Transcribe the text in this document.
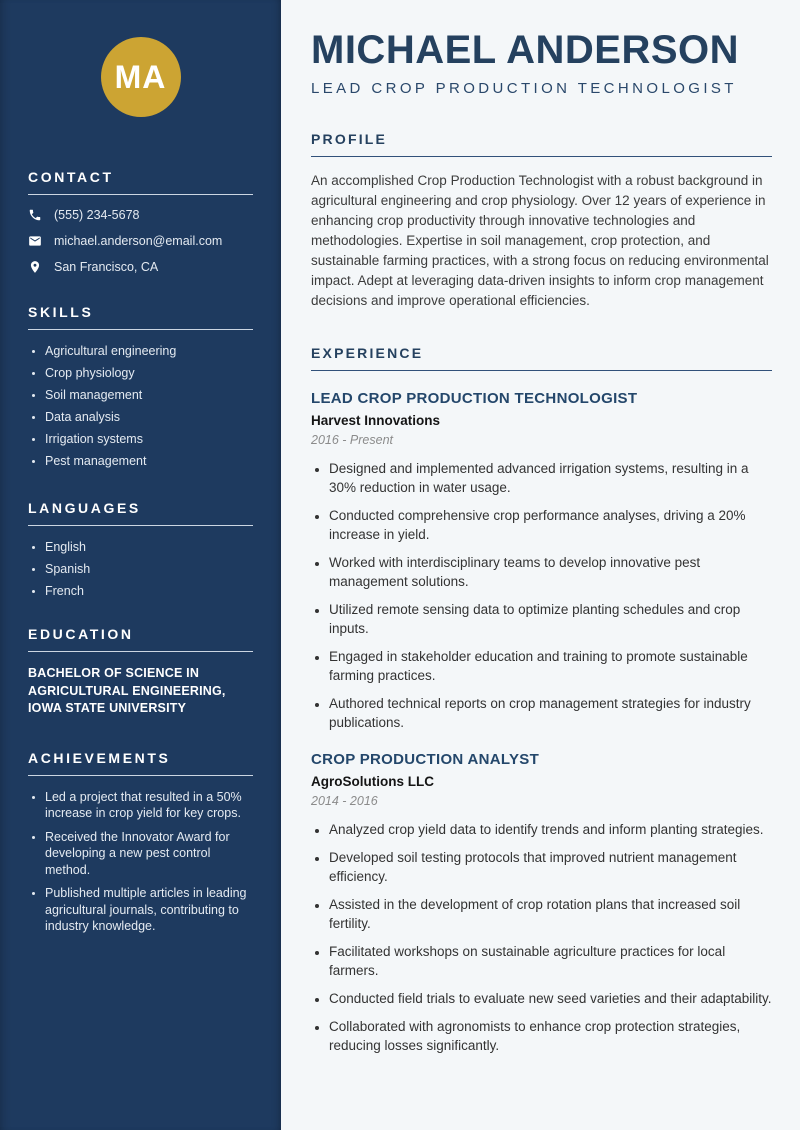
MA
CONTACT
(555) 234-5678
michael.anderson@email.com
San Francisco, CA
SKILLS
• Agricultural engineering
• Crop physiology
• Soil management
• Data analysis
• Irrigation systems
• Pest management
LANGUAGES
• English
• Spanish
• French
EDUCATION

BACHELOR OF SCIENCE IN AGRICULTURAL ENGINEERING, IOWA STATE UNIVERSITY

ACHIEVEMENTS
• Led a project that resulted in a 50% increase in crop yield for key crops.
• Received the Innovator Award for developing a new pest control method.
• Published multiple articles in leading agricultural journals, contributing to industry knowledge.
MICHAEL ANDERSON
LEAD CROP PRODUCTION TECHNOLOGIST
PROFILE

An accomplished Crop Production Technologist with a robust background in agricultural engineering and crop physiology. Over 12 years of experience in enhancing crop productivity through innovative technologies and methodologies. Expertise in soil management, crop protection, and sustainable farming practices, with a strong focus on reducing environmental impact. Adept at leveraging data-driven insights to inform crop management decisions and improve operational efficiencies.

EXPERIENCE
LEAD CROP PRODUCTION TECHNOLOGIST
Harvest Innovations
2016 - Present
• Designed and implemented advanced irrigation systems, resulting in a 30% reduction in water usage.
• Conducted comprehensive crop performance analyses, driving a 20% increase in yield.
• Worked with interdisciplinary teams to develop innovative pest management solutions.
• Utilized remote sensing data to optimize planting schedules and crop inputs.
• Engaged in stakeholder education and training to promote sustainable farming practices.
• Authored technical reports on crop management strategies for industry publications.
CROP PRODUCTION ANALYST
AgroSolutions LLC
2014 - 2016
• Analyzed crop yield data to identify trends and inform planting strategies.
• Developed soil testing protocols that improved nutrient management efficiency.
• Assisted in the development of crop rotation plans that increased soil fertility.
• Facilitated workshops on sustainable agriculture practices for local farmers.
• Conducted field trials to evaluate new seed varieties and their adaptability.
• Collaborated with agronomists to enhance crop protection strategies, reducing losses significantly.
